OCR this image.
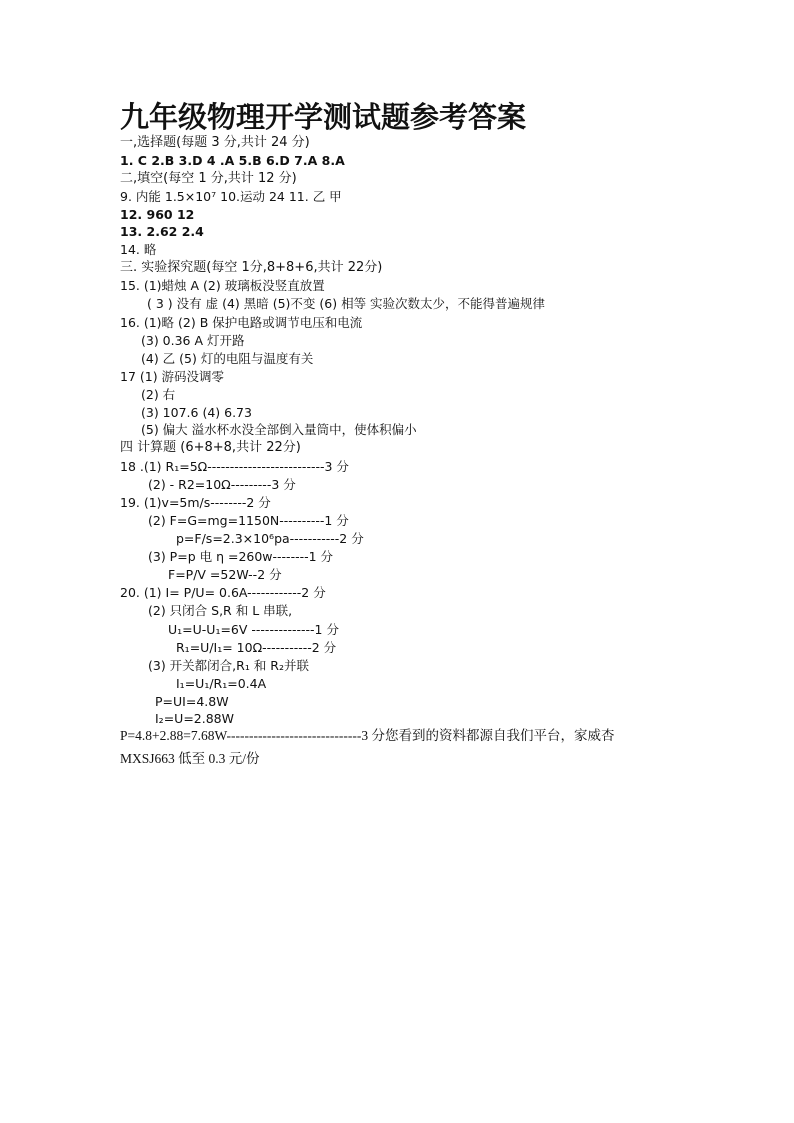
九年级物理开学测试题参考答案
一,选择题(每题 3 分,共计 24 分)
1. C 2.B 3.D 4 .A 5.B 6.D 7.A 8.A
二,填空(每空 1 分,共计 12 分)
9. 内能 1.5×10⁷ 10.运动 24 11. 乙 甲
12. 960 12
13. 2.62 2.4
14. 略
三. 实验探究题(每空 1分,8+8+6,共计 22分)
15. (1)蜡烛 A (2) 玻璃板没竖直放置
( 3 ) 没有 虚 (4) 黑暗 (5)不变 (6) 相等 实验次数太少，不能得普遍规律
16. (1)略 (2) B 保护电路或调节电压和电流
(3) 0.36 A 灯开路
(4) 乙 (5) 灯的电阻与温度有关
17 (1) 游码没调零
(2) 右
(3) 107.6 (4) 6.73
(5) 偏大 溢水杯水没全部倒入量筒中，使体积偏小
四 计算题 (6+8+8,共计 22分)
18 .(1) R₁=5Ω--------------------------3 分
(2) - R2=10Ω---------3 分
19. (1)v=5m/s--------2 分
(2) F=G=mg=1150N----------1 分
p=F/s=2.3×10⁶pa-----------2 分
(3) P=p 电 η =260w--------1 分
F=P/V =52W--2 分
20. (1) I= P/U= 0.6A------------2 分
(2) 只闭合 S,R 和 L 串联,
U₁=U-U₁=6V --------------1 分
R₁=U/I₁= 10Ω-----------2 分
(3) 开关都闭合,R₁ 和 R₂并联
I₁=U₁/R₁=0.4A
P=UI=4.8W
I₂=U=2.88W
P=4.8+2.88=7.68W------------------------------3 分您看到的资料都源自我们平台，家威杏
MXSJ663 低至 0.3 元/份
